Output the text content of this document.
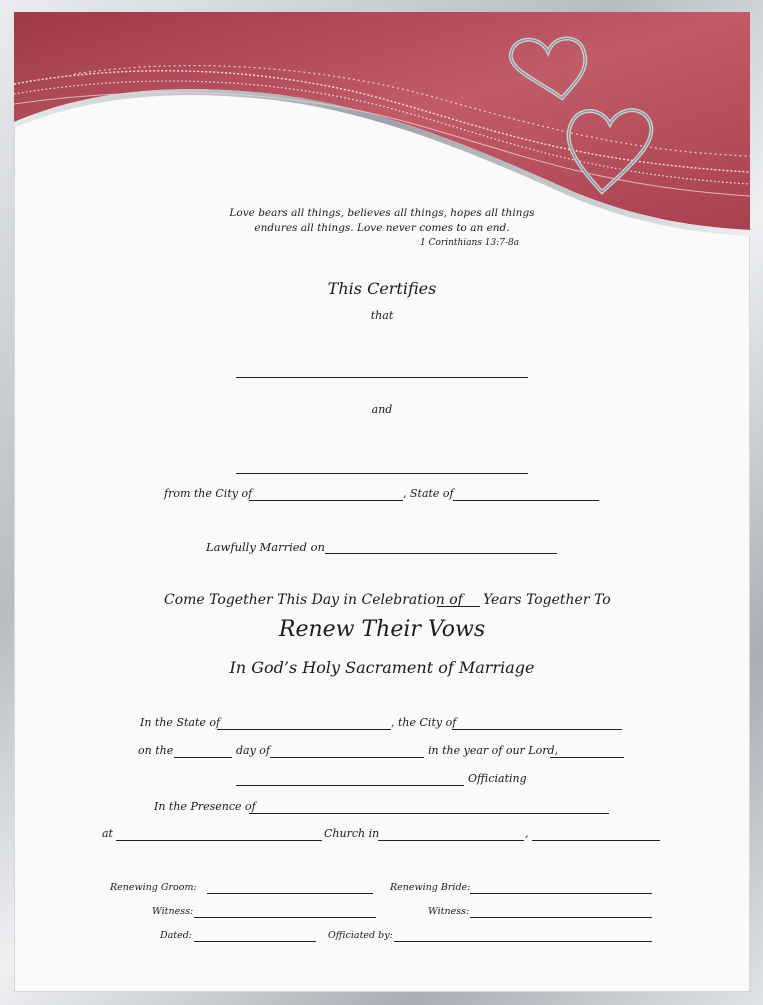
Love bears all things, believes all things, hopes all things
endures all things. Love never comes to an end.
1 Corinthians 13:7-8a
This Certifies
that
and
from the City of	, State of
Lawfully Married on
Come Together This Day in Celebration of Years Together To
Renew Their Vows
In God’s Holy Sacrament of Marriage
In the State of	, the City of
on the	day of	in the year of our Lord,
Officiating
In the Presence of
at	Church in	,
Renewing Groom:	Renewing Bride:
Witness:	Witness:
Dated:	Officiated by:
